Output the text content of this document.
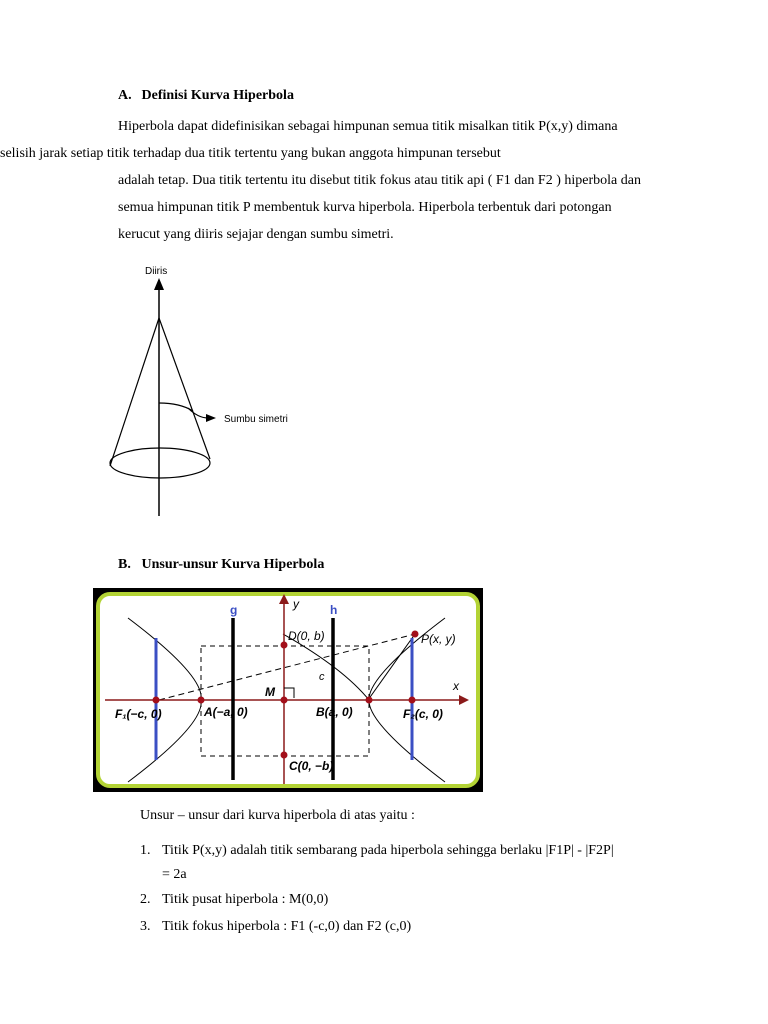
A. Definisi Kurva Hiperbola

Hiperbola dapat didefinisikan sebagai himpunan semua titik misalkan titik P(x,y) dimana

selisih jarak setiap titik terhadap dua titik tertentu yang bukan anggota himpunan tersebut

adalah tetap. Dua titik tertentu itu disebut titik fokus atau titik api ( F1 dan F2 ) hiperbola dan

semua himpunan titik P membentuk kurva hiperbola. Hiperbola terbentuk dari potongan

kerucut yang diiris sejajar dengan sumbu simetri.

Diiris
Sumbu simetri
B. Unsur-unsur Kurva Hiperbola
x
y
g	h
D(0, b)	P(x, y)
c
M
F₁(−c, 0)	A(−a, 0)	B(a, 0)	F₂(c, 0)
C(0, −b)
Unsur – unsur dari kurva hiperbola di atas yaitu :
1. Titik P(x,y) adalah titik sembarang pada hiperbola sehingga berlaku |F1P| - |F2P|
= 2a
2. Titik pusat hiperbola : M(0,0)
3. Titik fokus hiperbola : F1 (-c,0) dan F2 (c,0)
